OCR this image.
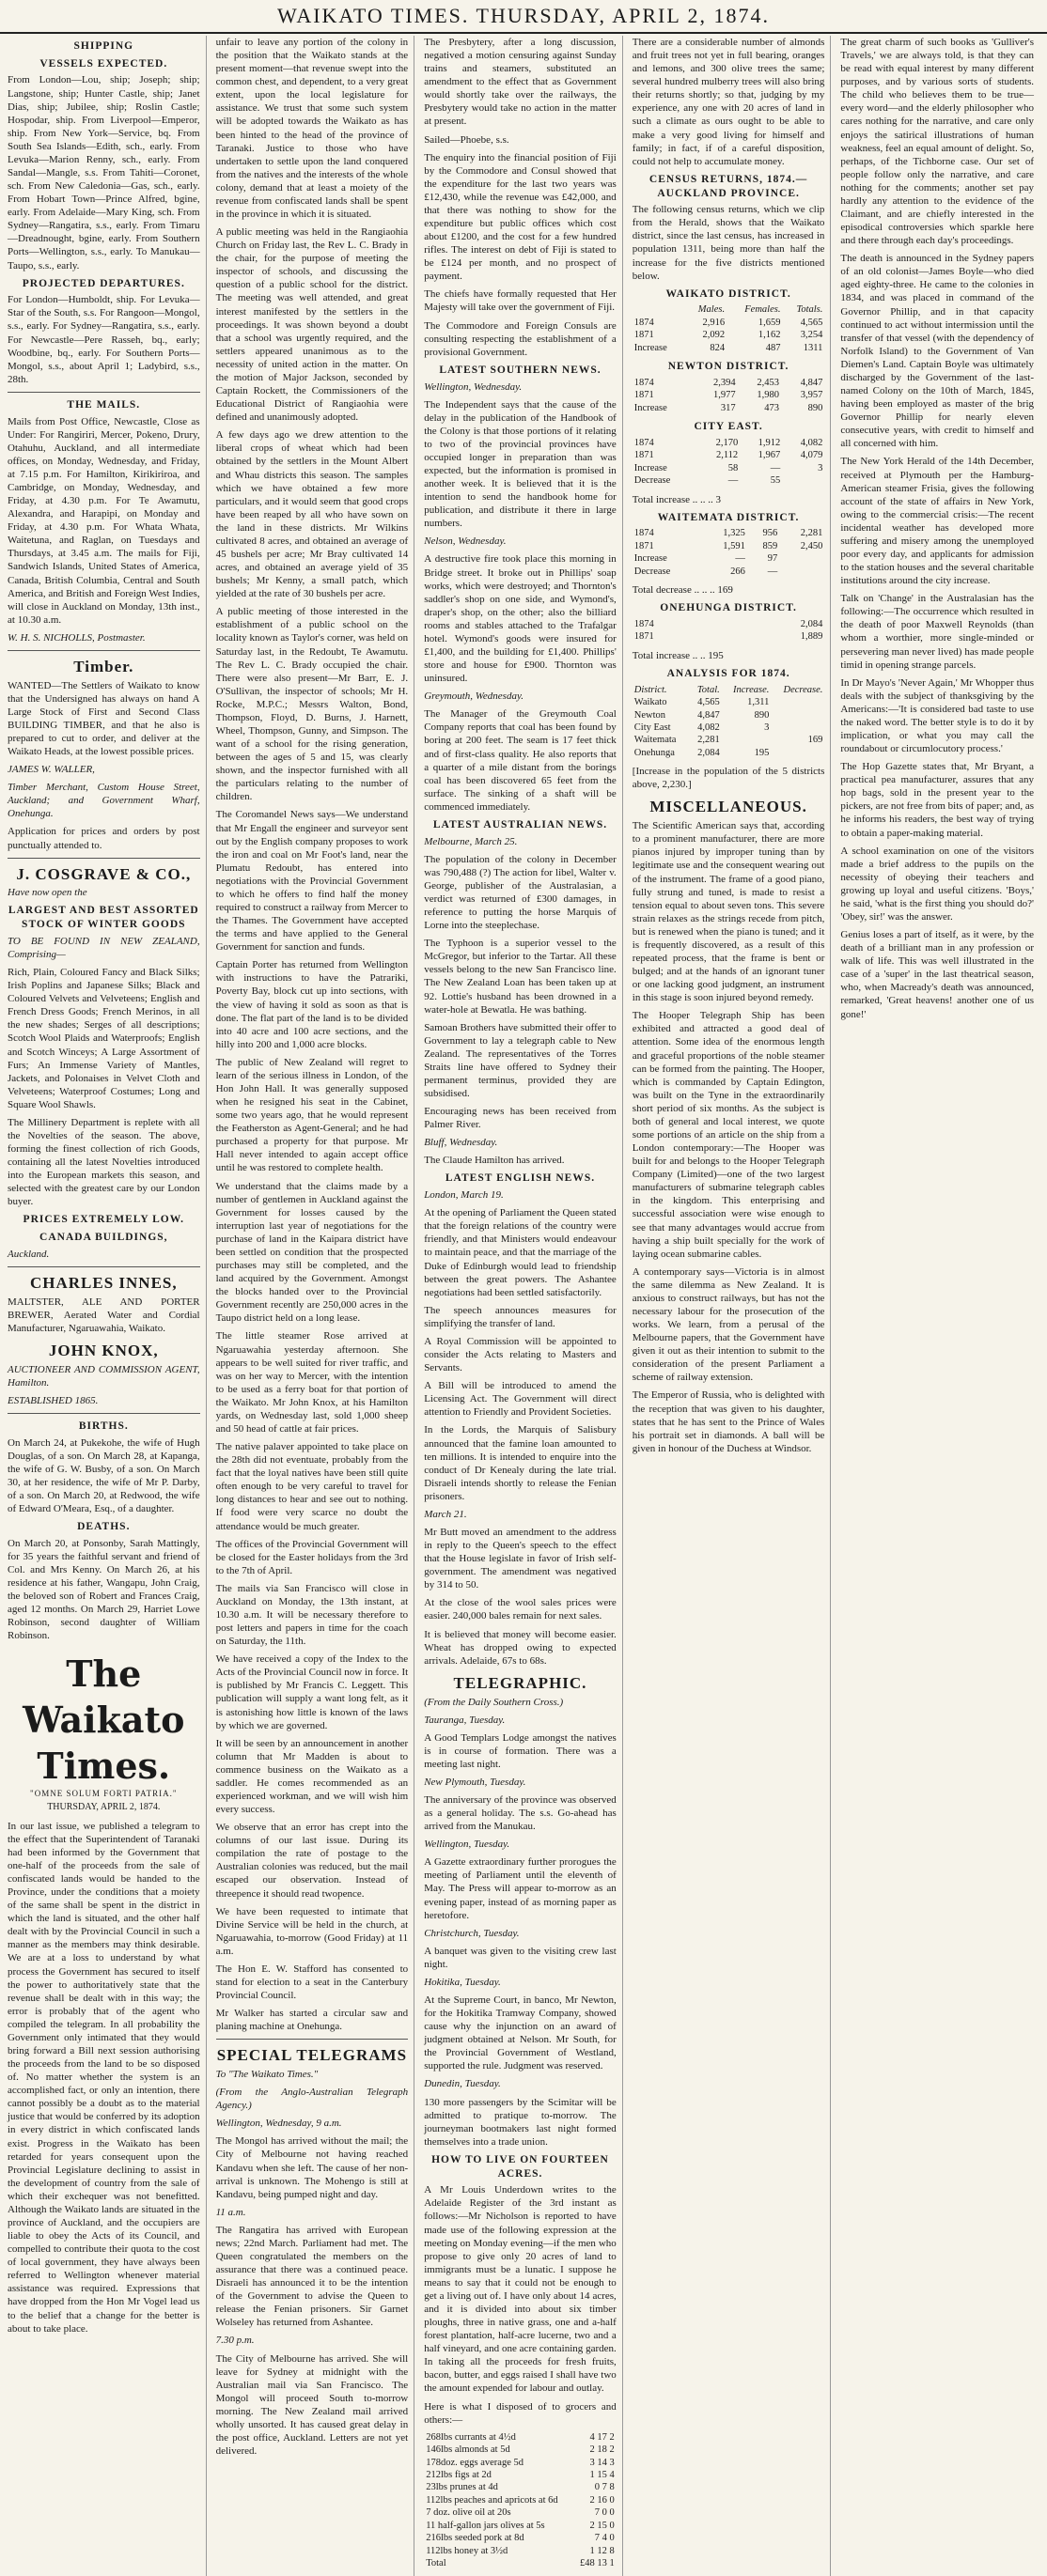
WAIKATO TIMES. THURSDAY, APRIL 2, 1874.
SHIPPING
VESSELS EXPECTED.

From London—Lou, ship; Joseph; ship; Langstone, ship; Hunter Castle, ship; Janet Dias, ship; Jubilee, ship; Roslin Castle; Hospodar, ship. From Liverpool—Emperor, ship. From New York—Service, bq. From South Sea Islands—Edith, sch., early. From Levuka—Marion Renny, sch., early. From Sandal—Mangle, s.s. From Tahiti—Coronet, sch. From New Caledonia—Gas, sch., early. From Hobart Town—Prince Alfred, bgine, early. From Adelaide—Mary King, sch. From Sydney—Rangatira, s.s., early. From Timaru—Dreadnought, bgine, early. From Southern Ports—Wellington, s.s., early. To Manukau—Taupo, s.s., early.

PROJECTED DEPARTURES.

For London—Humboldt, ship. For Levuka—Star of the South, s.s. For Rangoon—Mongol, s.s., early. For Sydney—Rangatira, s.s., early. For Newcastle—Pere Rasseh, bq., early; Woodbine, bq., early. For Southern Ports—Mongol, s.s., about April 1; Ladybird, s.s., 28th.

THE MAILS.

Mails from Post Office, Newcastle, Close as Under: For Rangiriri, Mercer, Pokeno, Drury, Otahuhu, Auckland, and all intermediate offices, on Monday, Wednesday, and Friday, at 7.15 p.m. For Hamilton, Kirikiriroa, and Cambridge, on Monday, Wednesday, and Friday, at 4.30 p.m. For Te Awamutu, Alexandra, and Harapipi, on Monday and Friday, at 4.30 p.m. For Whata Whata, Waitetuna, and Raglan, on Tuesdays and Thursdays, at 3.45 a.m. The mails for Fiji, Sandwich Islands, United States of America, Canada, British Columbia, Central and South America, and British and Foreign West Indies, will close in Auckland on Monday, 13th inst., at 10.30 a.m.

W. H. S. NICHOLLS, Postmaster.

Timber.

WANTED—The Settlers of Waikato to know that the Undersigned has always on hand A Large Stock of First and Second Class BUILDING TIMBER, and that he also is prepared to cut to order, and deliver at the Waikato Heads, at the lowest possible prices.

JAMES W. WALLER,

Timber Merchant, Custom House Street, Auckland; and Government Wharf, Onehunga.

Application for prices and orders by post punctually attended to.

J. COSGRAVE & CO.,

Have now open the

LARGEST AND BEST ASSORTED STOCK OF WINTER GOODS

TO BE FOUND IN NEW ZEALAND, Comprising—

Rich, Plain, Coloured Fancy and Black Silks; Irish Poplins and Japanese Silks; Black and Coloured Velvets and Velveteens; English and French Dress Goods; French Merinos, in all the new shades; Serges of all descriptions; Scotch Wool Plaids and Waterproofs; English and Scotch Winceys; A Large Assortment of Furs; An Immense Variety of Mantles, Jackets, and Polonaises in Velvet Cloth and Velveteens; Waterproof Costumes; Long and Square Wool Shawls.

The Millinery Department is replete with all the Novelties of the season. The above, forming the finest collection of rich Goods, containing all the latest Novelties introduced into the European markets this season, and selected with the greatest care by our London buyer.

PRICES EXTREMELY LOW.
CANADA BUILDINGS,

Auckland.

CHARLES INNES,

MALTSTER, ALE AND PORTER BREWER, Aerated Water and Cordial Manufacturer, Ngaruawahia, Waikato.

JOHN KNOX,

AUCTIONEER AND COMMISSION AGENT, Hamilton.

ESTABLISHED 1865.

BIRTHS.

On March 24, at Pukekohe, the wife of Hugh Douglas, of a son. On March 28, at Kapanga, the wife of G. W. Busby, of a son. On March 30, at her residence, the wife of Mr P. Darby, of a son. On March 20, at Redwood, the wife of Edward O'Meara, Esq., of a daughter.

DEATHS.

On March 20, at Ponsonby, Sarah Mattingly, for 35 years the faithful servant and friend of Col. and Mrs Kenny. On March 26, at his residence at his father, Wangapu, John Craig, the beloved son of Robert and Frances Craig, aged 12 months. On March 29, Harriet Lowe Robinson, second daughter of William Robinson.

The Waikato Times.
"OMNE SOLUM FORTI PATRIA."
THURSDAY, APRIL 2, 1874.

In our last issue, we published a telegram to the effect that the Superintendent of Taranaki had been informed by the Government that one-half of the proceeds from the sale of confiscated lands would be handed to the Province, under the conditions that a moiety of the same shall be spent in the district in which the land is situated, and the other half dealt with by the Provincial Council in such a manner as the members may think desirable. We are at a loss to understand by what process the Government has secured to itself the power to authoritatively state that the revenue shall be dealt with in this way; the error is probably that of the agent who compiled the telegram. In all probability the Government only intimated that they would bring forward a Bill next session authorising the proceeds from the land to be so disposed of. No matter whether the system is an accomplished fact, or only an intention, there cannot possibly be a doubt as to the material justice that would be conferred by its adoption in every district in which confiscated lands exist. Progress in the Waikato has been retarded for years consequent upon the Provincial Legislature declining to assist in the development of country from the sale of which their exchequer was not benefitted. Although the Waikato lands are situated in the province of Auckland, and the occupiers are liable to obey the Acts of its Council, and compelled to contribute their quota to the cost of local government, they have always been referred to Wellington whenever material assistance was required. Expressions that have dropped from the Hon Mr Vogel lead us to the belief that a change for the better is about to take place.

unfair to leave any portion of the colony in the position that the Waikato stands at the present moment—that revenue swept into the common chest, and dependent, to a very great extent, upon the local legislature for assistance. We trust that some such system will be adopted towards the Waikato as has been hinted to the head of the province of Taranaki. Justice to those who have undertaken to settle upon the land conquered from the natives and the interests of the whole colony, demand that at least a moiety of the revenue from confiscated lands shall be spent in the province in which it is situated.

A public meeting was held in the Rangiaohia Church on Friday last, the Rev L. C. Brady in the chair, for the purpose of meeting the inspector of schools, and discussing the question of a public school for the district. The meeting was well attended, and great interest manifested by the settlers in the proceedings. It was shown beyond a doubt that a school was urgently required, and the settlers appeared unanimous as to the necessity of united action in the matter. On the motion of Major Jackson, seconded by Captain Rockett, the Commissioners of the Educational District of Rangiaohia were defined and unanimously adopted.

A few days ago we drew attention to the liberal crops of wheat which had been obtained by the settlers in the Mount Albert and Whau districts this season. The samples which we have obtained a few more particulars, and it would seem that good crops have been reaped by all who have sown on the land in these districts. Mr Wilkins cultivated 8 acres, and obtained an average of 45 bushels per acre; Mr Bray cultivated 14 acres, and obtained an average yield of 35 bushels; Mr Kenny, a small patch, which yielded at the rate of 30 bushels per acre.

A public meeting of those interested in the establishment of a public school on the locality known as Taylor's corner, was held on Saturday last, in the Redoubt, Te Awamutu. The Rev L. C. Brady occupied the chair. There were also present—Mr Barr, E. J. O'Sullivan, the inspector of schools; Mr H. Rocke, M.P.C.; Messrs Walton, Bond, Thompson, Floyd, D. Burns, J. Harnett, Wheel, Thompson, Gunny, and Simpson. The want of a school for the rising generation, between the ages of 5 and 15, was clearly shown, and the inspector furnished with all the particulars relating to the number of children.

The Coromandel News says—We understand that Mr Engall the engineer and surveyor sent out by the English company proposes to work the iron and coal on Mr Foot's land, near the Plumatu Redoubt, has entered into negotiations with the Provincial Government to which he offers to find half the money required to construct a railway from Mercer to the Thames. The Government have accepted the terms and have applied to the General Government for sanction and funds.

Captain Porter has returned from Wellington with instructions to have the Patrariki, Poverty Bay, block cut up into sections, with the view of having it sold as soon as that is done. The flat part of the land is to be divided into 40 acre and 100 acre sections, and the hilly into 200 and 1,000 acre blocks.

The public of New Zealand will regret to learn of the serious illness in London, of the Hon John Hall. It was generally supposed when he resigned his seat in the Cabinet, some two years ago, that he would represent the Featherston as Agent-General; and he had purchased a property for that purpose. Mr Hall never intended to again accept office until he was restored to complete health.

We understand that the claims made by a number of gentlemen in Auckland against the Government for losses caused by the interruption last year of negotiations for the purchase of land in the Kaipara district have been settled on condition that the prospected purchases may still be completed, and the land acquired by the Government. Amongst the blocks handed over to the Provincial Government recently are 250,000 acres in the Taupo district held on a long lease.

The little steamer Rose arrived at Ngaruawahia yesterday afternoon. She appears to be well suited for river traffic, and was on her way to Mercer, with the intention to be used as a ferry boat for that portion of the Waikato. Mr John Knox, at his Hamilton yards, on Wednesday last, sold 1,000 sheep and 50 head of cattle at fair prices.

The native palaver appointed to take place on the 28th did not eventuate, probably from the fact that the loyal natives have been still quite often enough to be very careful to travel for long distances to hear and see out to nothing. If food were very scarce no doubt the attendance would be much greater.

The offices of the Provincial Government will be closed for the Easter holidays from the 3rd to the 7th of April.

The mails via San Francisco will close in Auckland on Monday, the 13th instant, at 10.30 a.m. It will be necessary therefore to post letters and papers in time for the coach on Saturday, the 11th.

We have received a copy of the Index to the Acts of the Provincial Council now in force. It is published by Mr Francis C. Leggett. This publication will supply a want long felt, as it is astonishing how little is known of the laws by which we are governed.

It will be seen by an announcement in another column that Mr Madden is about to commence business on the Waikato as a saddler. He comes recommended as an experienced workman, and we will wish him every success.

We observe that an error has crept into the columns of our last issue. During its compilation the rate of postage to the Australian colonies was reduced, but the mail escaped our observation. Instead of threepence it should read twopence.

We have been requested to intimate that Divine Service will be held in the church, at Ngaruawahia, to-morrow (Good Friday) at 11 a.m.

The Hon E. W. Stafford has consented to stand for election to a seat in the Canterbury Provincial Council.

Mr Walker has started a circular saw and planing machine at Onehunga.

SPECIAL TELEGRAMS

To "The Waikato Times."

(From the Anglo-Australian Telegraph Agency.)

Wellington, Wednesday, 9 a.m.

The Mongol has arrived without the mail; the City of Melbourne not having reached Kandavu when she left. The cause of her non-arrival is unknown. The Mohengo is still at Kandavu, being pumped night and day.

11 a.m.

The Rangatira has arrived with European news; 22nd March. Parliament had met. The Queen congratulated the members on the assurance that there was a continued peace. Disraeli has announced it to be the intention of the Government to advise the Queen to release the Fenian prisoners. Sir Garnet Wolseley has returned from Ashantee.

7.30 p.m.

The City of Melbourne has arrived. She will leave for Sydney at midnight with the Australian mail via San Francisco. The Mongol will proceed South to-morrow morning. The New Zealand mail arrived wholly unsorted. It has caused great delay in the post office, Auckland. Letters are not yet delivered.

The Presbytery, after a long discussion, negatived a motion censuring against Sunday trains and steamers, substituted an amendment to the effect that as Government would shortly take over the railways, the Presbytery would take no action in the matter at present.

Sailed—Phoebe, s.s.

The enquiry into the financial position of Fiji by the Commodore and Consul showed that the expenditure for the last two years was £12,430, while the revenue was £42,000, and that there was nothing to show for the expenditure but public offices which cost about £1200, and the cost for a few hundred rifles. The interest on debt of Fiji is stated to be £124 per month, and no prospect of payment.

The chiefs have formally requested that Her Majesty will take over the government of Fiji.

The Commodore and Foreign Consuls are consulting respecting the establishment of a provisional Government.

LATEST SOUTHERN NEWS.

Wellington, Wednesday.

The Independent says that the cause of the delay in the publication of the Handbook of the Colony is that those portions of it relating to two of the provincial provinces have occupied longer in preparation than was expected, but the information is promised in another week. It is believed that it is the intention to send the handbook home for publication, and distribute it there in large numbers.

Nelson, Wednesday.

A destructive fire took place this morning in Bridge street. It broke out in Phillips' soap works, which were destroyed; and Thornton's saddler's shop on one side, and Wymond's, draper's shop, on the other; also the billiard rooms and stables attached to the Trafalgar hotel. Wymond's goods were insured for £1,400, and the building for £1,400. Phillips' store and house for £900. Thornton was uninsured.

Greymouth, Wednesday.

The Manager of the Greymouth Coal Company reports that coal has been found by boring at 200 feet. The seam is 17 feet thick and of first-class quality. He also reports that a quarter of a mile distant from the borings coal has been discovered 65 feet from the surface. The sinking of a shaft will be commenced immediately.

LATEST AUSTRALIAN NEWS.

Melbourne, March 25.

The population of the colony in December was 790,488 (?) The action for libel, Walter v. George, publisher of the Australasian, a verdict was returned of £300 damages, in reference to putting the horse Marquis of Lorne into the steeplechase.

The Typhoon is a superior vessel to the McGregor, but inferior to the Tartar. All these vessels belong to the new San Francisco line. The New Zealand Loan has been taken up at 92. Lottie's husband has been drowned in a water-hole at Bewatla. He was bathing.

Samoan Brothers have submitted their offer to Government to lay a telegraph cable to New Zealand. The representatives of the Torres Straits line have offered to Sydney their permanent terminus, provided they are subsidised.

Encouraging news has been received from Palmer River.

Bluff, Wednesday.

The Claude Hamilton has arrived.

LATEST ENGLISH NEWS.

London, March 19.

At the opening of Parliament the Queen stated that the foreign relations of the country were friendly, and that Ministers would endeavour to maintain peace, and that the marriage of the Duke of Edinburgh would lead to friendship between the great powers. The Ashantee negotiations had been settled satisfactorily.

The speech announces measures for simplifying the transfer of land.

A Royal Commission will be appointed to consider the Acts relating to Masters and Servants.

A Bill will be introduced to amend the Licensing Act. The Government will direct attention to Friendly and Provident Societies.

In the Lords, the Marquis of Salisbury announced that the famine loan amounted to ten millions. It is intended to enquire into the conduct of Dr Kenealy during the late trial. Disraeli intends shortly to release the Fenian prisoners.

March 21.

Mr Butt moved an amendment to the address in reply to the Queen's speech to the effect that the House legislate in favor of Irish self-government. The amendment was negatived by 314 to 50.

At the close of the wool sales prices were easier. 240,000 bales remain for next sales.

It is believed that money will become easier. Wheat has dropped owing to expected arrivals. Adelaide, 67s to 68s.

TELEGRAPHIC.

(From the Daily Southern Cross.)

Tauranga, Tuesday.

A Good Templars Lodge amongst the natives is in course of formation. There was a meeting last night.

New Plymouth, Tuesday.

The anniversary of the province was observed as a general holiday. The s.s. Go-ahead has arrived from the Manukau.

Wellington, Tuesday.

A Gazette extraordinary further prorogues the meeting of Parliament until the eleventh of May. The Press will appear to-morrow as an evening paper, instead of as morning paper as heretofore.

Christchurch, Tuesday.

A banquet was given to the visiting crew last night.

Hokitika, Tuesday.

At the Supreme Court, in banco, Mr Newton, for the Hokitika Tramway Company, showed cause why the injunction on an award of judgment obtained at Nelson. Mr South, for the Provincial Government of Westland, supported the rule. Judgment was reserved.

Dunedin, Tuesday.

130 more passengers by the Scimitar will be admitted to pratique to-morrow. The journeyman bootmakers last night formed themselves into a trade union.

HOW TO LIVE ON FOURTEEN ACRES.

A Mr Louis Underdown writes to the Adelaide Register of the 3rd instant as follows:—Mr Nicholson is reported to have made use of the following expression at the meeting on Monday evening—if the men who propose to give only 20 acres of land to immigrants must be a lunatic. I suppose he means to say that it could not be enough to get a living out of. I have only about 14 acres, and it is divided into about six timber ploughs, three in native grass, one and a-half forest plantation, half-acre lucerne, two and a half vineyard, and one acre containing garden. In taking all the proceeds for fresh fruits, bacon, butter, and eggs raised I shall have two the amount expended for labour and outlay.

Here is what I disposed of to grocers and others:—

268lbs currants at 4½d	4 17 2
146lbs almonds at 5d	2 18 2
178doz. eggs average 5d	3 14 3
212lbs figs at 2d	1 15 4
23lbs prunes at 4d	0 7 8
112lbs peaches and apricots at 6d	2 16 0
7 doz. olive oil at 20s	7 0 0
11 half-gallon jars olives at 5s	2 15 0
216lbs seeded pork at 8d	7 4 0
112lbs honey at 3½d	1 12 8
Total	£48 13 1

There are a considerable number of almonds and fruit trees not yet in full bearing, oranges and lemons, and 300 olive trees the same; several hundred mulberry trees will also bring their returns shortly; so that, judging by my experience, any one with 20 acres of land in such a climate as ours ought to be able to make a very good living for himself and family; in fact, if of a careful disposition, could not help to accumulate money.

CENSUS RETURNS, 1874.—AUCKLAND PROVINCE.

The following census returns, which we clip from the Herald, shows that the Waikato district, since the last census, has increased in population 1311, being more than half the increase for the five districts mentioned below.

WAIKATO DISTRICT.
	Males.	Females.	Totals.
1874	2,916	1,659	4,565
1871	2,092	1,162	3,254
Increase	824	487	1311
NEWTON DISTRICT.
1874	2,394	2,453	4,847
1871	1,977	1,980	3,957
Increase	317	473	890
CITY EAST.
1874	2,170	1,912	4,082
1871	2,112	1,967	4,079
Increase	58	—	3
Decrease	—	55	

Total increase .. .. .. 3

WAITEMATA DISTRICT.
1874	1,325	956	2,281
1871	1,591	859	2,450
Increase	—	97	
Decrease	266	—	

Total decrease .. .. .. 169

ONEHUNGA DISTRICT.
1874	2,084
1871	1,889

Total increase .. .. 195

ANALYSIS FOR 1874.
District.	Total.	Increase.	Decrease.
Waikato	4,565	1,311	
Newton	4,847	890	
City East	4,082	3	
Waitemata	2,281		169
Onehunga	2,084	195	

[Increase in the population of the 5 districts above, 2,230.]

MISCELLANEOUS.

The Scientific American says that, according to a prominent manufacturer, there are more pianos injured by improper tuning than by legitimate use and the consequent wearing out of the instrument. The frame of a good piano, fully strung and tuned, is made to resist a tension equal to about seven tons. This severe strain relaxes as the strings recede from pitch, but is renewed when the piano is tuned; and it is frequently discovered, as a result of this repeated process, that the frame is bent or bulged; and at the hands of an ignorant tuner or one lacking good judgment, an instrument in this stage is soon injured beyond remedy.

The Hooper Telegraph Ship has been exhibited and attracted a good deal of attention. Some idea of the enormous length and graceful proportions of the noble steamer can be formed from the painting. The Hooper, which is commanded by Captain Edington, was built on the Tyne in the extraordinarily short period of six months. As the subject is both of general and local interest, we quote some portions of an article on the ship from a London contemporary:—The Hooper was built for and belongs to the Hooper Telegraph Company (Limited)—one of the two largest manufacturers of submarine telegraph cables in the kingdom. This enterprising and successful association were wise enough to see that many advantages would accrue from having a ship built specially for the work of laying ocean submarine cables.

A contemporary says—Victoria is in almost the same dilemma as New Zealand. It is anxious to construct railways, but has not the necessary labour for the prosecution of the works. We learn, from a perusal of the Melbourne papers, that the Government have given it out as their intention to submit to the consideration of the present Parliament a scheme of railway extension.

The Emperor of Russia, who is delighted with the reception that was given to his daughter, states that he has sent to the Prince of Wales his portrait set in diamonds. A ball will be given in honour of the Duchess at Windsor.

The great charm of such books as 'Gulliver's Travels,' we are always told, is that they can be read with equal interest by many different purposes, and by various sorts of students. The child who believes them to be true—every word—and the elderly philosopher who cares nothing for the narrative, and care only enjoys the satirical illustrations of human weakness, feel an equal amount of delight. So, perhaps, of the Tichborne case. Our set of people follow only the narrative, and care nothing for the comments; another set pay hardly any attention to the evidence of the Claimant, and are chiefly interested in the episodical controversies which sparkle here and there through each day's proceedings.

The death is announced in the Sydney papers of an old colonist—James Boyle—who died aged eighty-three. He came to the colonies in 1834, and was placed in command of the Governor Phillip, and in that capacity continued to act without intermission until the transfer of that vessel (with the dependency of Norfolk Island) to the Government of Van Diemen's Land. Captain Boyle was ultimately discharged by the Government of the last-named Colony on the 10th of March, 1845, having been employed as master of the brig Governor Phillip for nearly eleven consecutive years, with credit to himself and all concerned with him.

The New York Herald of the 14th December, received at Plymouth per the Hamburg-American steamer Frisia, gives the following account of the state of affairs in New York, owing to the commercial crisis:—The recent incidental weather has developed more suffering and misery among the unemployed poor every day, and applicants for admission to the station houses and the several charitable institutions around the city increase.

Talk on 'Change' in the Australasian has the following:—The occurrence which resulted in the death of poor Maxwell Reynolds (than whom a worthier, more single-minded or persevering man never lived) has made people timid in opening strange parcels.

In Dr Mayo's 'Never Again,' Mr Whopper thus deals with the subject of thanksgiving by the Americans:—'It is considered bad taste to use the naked word. The better style is to do it by implication, or what you may call the roundabout or circumlocutory process.'

The Hop Gazette states that, Mr Bryant, a practical pea manufacturer, assures that any hop bags, sold in the present year to the pickers, are not free from bits of paper; and, as he informs his readers, the best way of trying to obtain a paper-making material.

A school examination on one of the visitors made a brief address to the pupils on the necessity of obeying their teachers and growing up loyal and useful citizens. 'Boys,' he said, 'what is the first thing you should do?' 'Obey, sir!' was the answer.

Genius loses a part of itself, as it were, by the death of a brilliant man in any profession or walk of life. This was well illustrated in the case of a 'super' in the last theatrical season, who, when Macready's death was announced, remarked, 'Great heavens! another one of us gone!'
